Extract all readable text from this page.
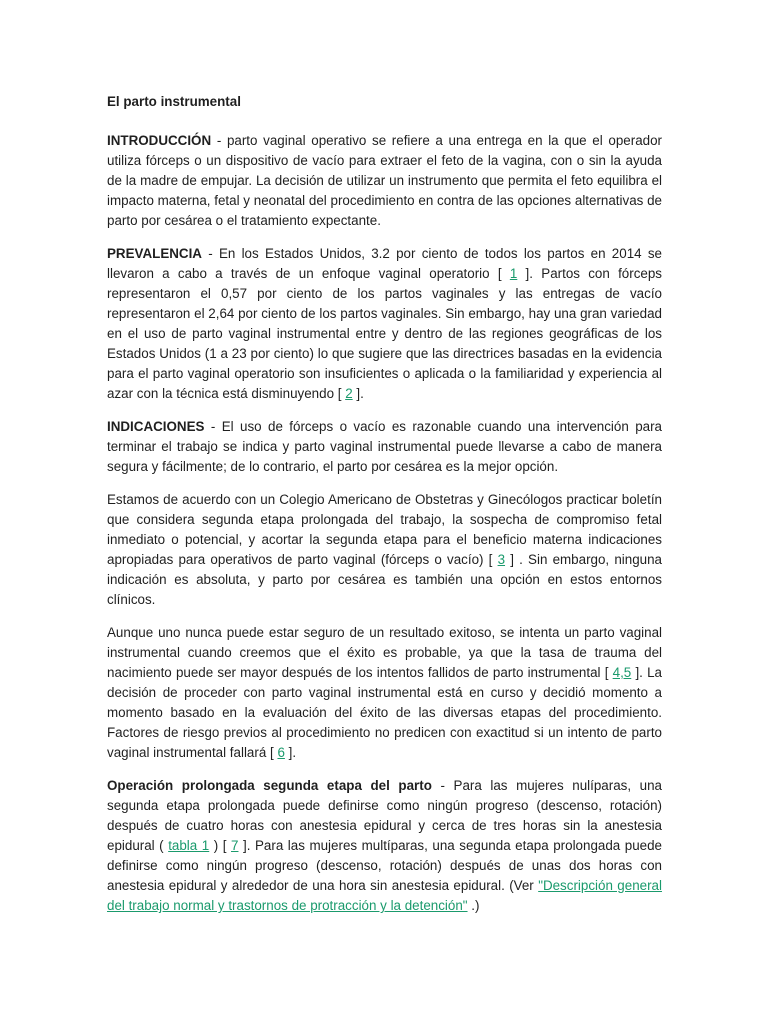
El parto instrumental

INTRODUCCIÓN - parto vaginal operativo se refiere a una entrega en la que el operador utiliza fórceps o un dispositivo de vacío para extraer el feto de la vagina, con o sin la ayuda de la madre de empujar. La decisión de utilizar un instrumento que permita el feto equilibra el impacto materna, fetal y neonatal del procedimiento en contra de las opciones alternativas de parto por cesárea o el tratamiento expectante.

PREVALENCIA - En los Estados Unidos, 3.2 por ciento de todos los partos en 2014 se llevaron a cabo a través de un enfoque vaginal operatorio [ 1 ]. Partos con fórceps representaron el 0,57 por ciento de los partos vaginales y las entregas de vacío representaron el 2,64 por ciento de los partos vaginales. Sin embargo, hay una gran variedad en el uso de parto vaginal instrumental entre y dentro de las regiones geográficas de los Estados Unidos (1 a 23 por ciento) lo que sugiere que las directrices basadas en la evidencia para el parto vaginal operatorio son insuficientes o aplicada o la familiaridad y experiencia al azar con la técnica está disminuyendo [ 2 ].

INDICACIONES - El uso de fórceps o vacío es razonable cuando una intervención para terminar el trabajo se indica y parto vaginal instrumental puede llevarse a cabo de manera segura y fácilmente; de lo contrario, el parto por cesárea es la mejor opción.

Estamos de acuerdo con un Colegio Americano de Obstetras y Ginecólogos practicar boletín que considera segunda etapa prolongada del trabajo, la sospecha de compromiso fetal inmediato o potencial, y acortar la segunda etapa para el beneficio materna indicaciones apropiadas para operativos de parto vaginal (fórceps o vacío) [ 3 ] . Sin embargo, ninguna indicación es absoluta, y parto por cesárea es también una opción en estos entornos clínicos.

Aunque uno nunca puede estar seguro de un resultado exitoso, se intenta un parto vaginal instrumental cuando creemos que el éxito es probable, ya que la tasa de trauma del nacimiento puede ser mayor después de los intentos fallidos de parto instrumental [ 4,5 ]. La decisión de proceder con parto vaginal instrumental está en curso y decidió momento a momento basado en la evaluación del éxito de las diversas etapas del procedimiento. Factores de riesgo previos al procedimiento no predicen con exactitud si un intento de parto vaginal instrumental fallará [ 6 ].

Operación prolongada segunda etapa del parto - Para las mujeres nulíparas, una segunda etapa prolongada puede definirse como ningún progreso (descenso, rotación) después de cuatro horas con anestesia epidural y cerca de tres horas sin la anestesia epidural ( tabla 1 ) [ 7 ]. Para las mujeres multíparas, una segunda etapa prolongada puede definirse como ningún progreso (descenso, rotación) después de unas dos horas con anestesia epidural y alrededor de una hora sin anestesia epidural. (Ver "Descripción general del trabajo normal y trastornos de protracción y la detención" .)
